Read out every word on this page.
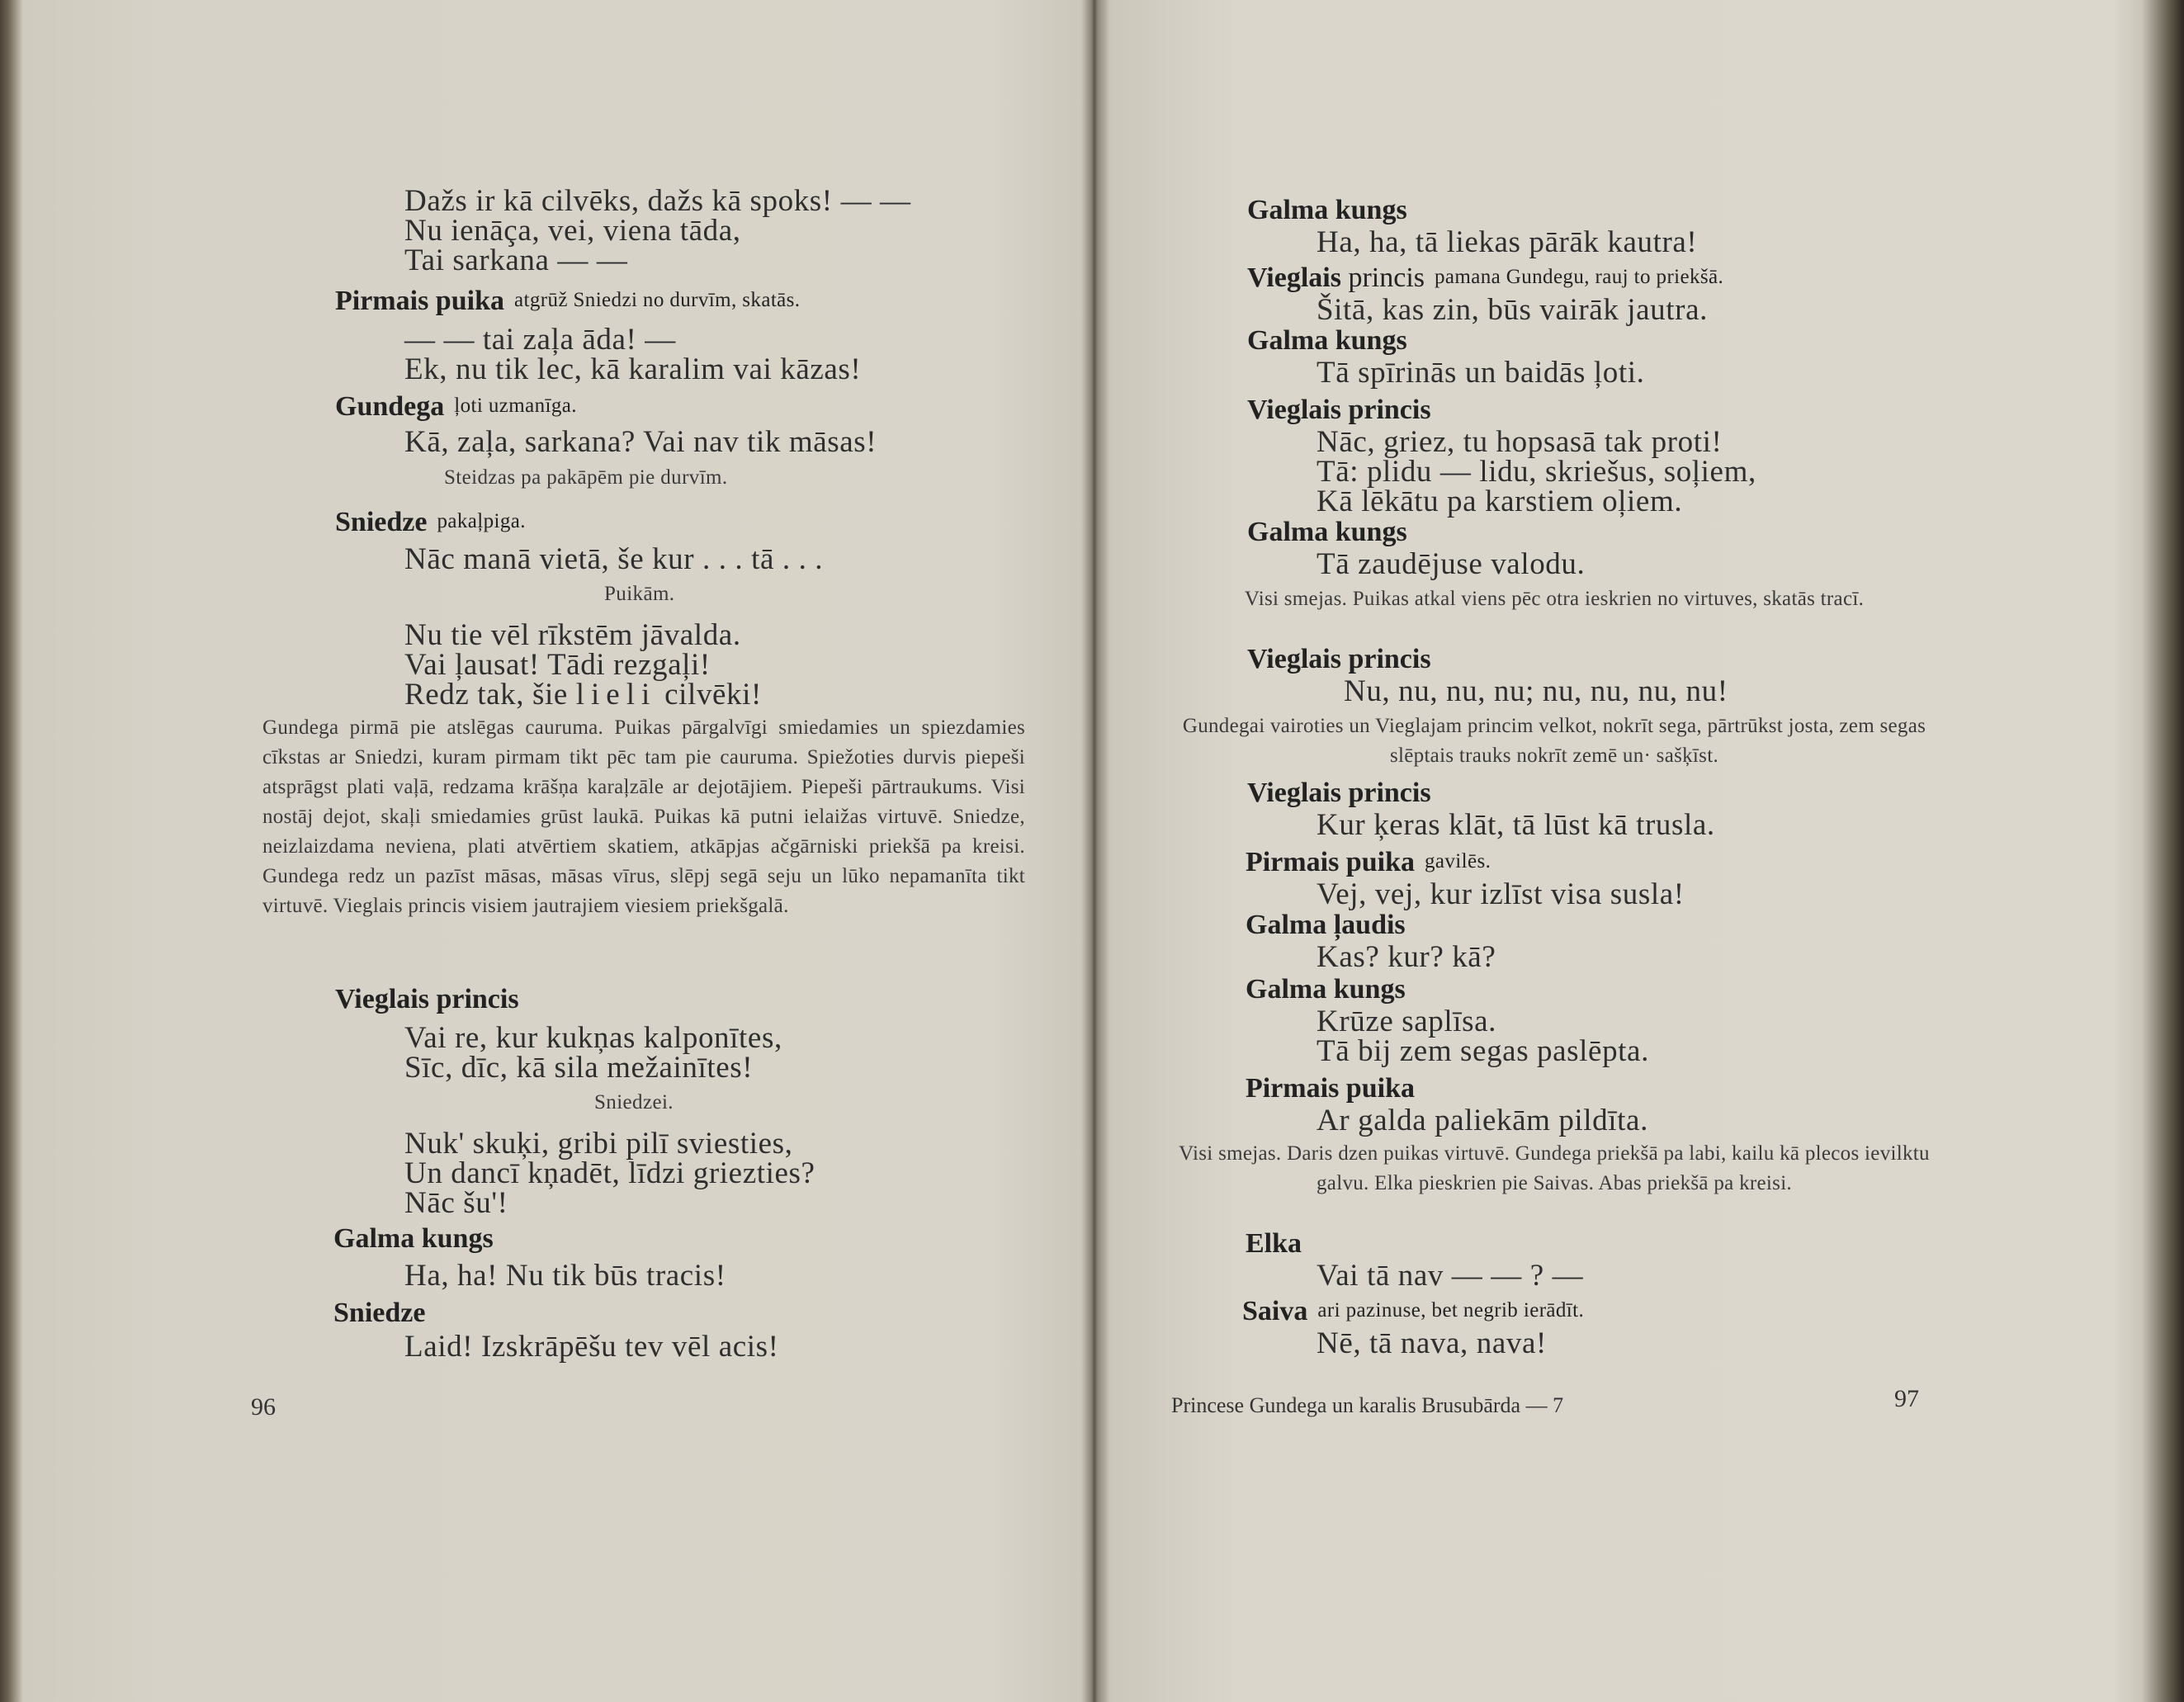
Dažs ir kā cilvēks, dažs kā spoks! — —

Nu ienāça, vei, viena tāda,

Tai sarkana — —

Pirmais puika atgrūž Sniedzi no durvīm, skatās.

— — tai zaļa āda! —

Ek, nu tik lec, kā karalim vai kāzas!

Gundega ļoti uzmanīga.

Kā, zaļa, sarkana? Vai nav tik māsas!

Steidzas pa pakāpēm pie durvīm.

Sniedze pakaļpiga.

Nāc manā vietā, še kur . . . tā . . .

Puikām.

Nu tie vēl rīkstēm jāvalda.

Vai ļausat! Tādi rezgaļi!

Redz tak, šie lieli cilvēki!

Gundega pirmā pie atslēgas cauruma. Puikas pārgalvīgi smiedamies un spiezdamies cīkstas ar Sniedzi, kuram pirmam tikt pēc tam pie cauruma. Spiežoties durvis piepeši atsprāgst plati vaļā, redzama krāšņa karaļzāle ar dejotājiem. Piepeši pārtraukums. Visi nostāj dejot, skaļi smiedamies grūst laukā. Puikas kā putni ielaižas virtuvē. Sniedze, neizlaizdama neviena, plati atvērtiem skatiem, atkāpjas ačgārniski priekšā pa kreisi. Gundega redz un pazīst māsas, māsas vīrus, slēpj segā seju un lūko nepamanīta tikt virtuvē. Vieglais princis visiem jautrajiem viesiem priekšgalā.

Vieglais princis

Vai re, kur kukņas kalponītes,

Sīc, dīc, kā sila mežainītes!

Sniedzei.

Nuk' skuķi, gribi pilī sviesties,

Un dancī kņadēt, līdzi griezties?

Nāc šu'!

Galma kungs

Ha, ha! Nu tik būs tracis!

Sniedze

Laid! Izskrāpēšu tev vēl acis!

96

Galma kungs

Ha, ha, tā liekas pārāk kautra!

Vieglais princis pamana Gundegu, rauj to priekšā.

Šitā, kas zin, būs vairāk jautra.

Galma kungs

Tā spīrinās un baidās ļoti.

Vieglais princis

Nāc, griez, tu hopsasā tak proti!

Tā: plidu — lidu, skriešus, soļiem,

Kā lēkātu pa karstiem oļiem.

Galma kungs

Tā zaudējuse valodu.

Visi smejas. Puikas atkal viens pēc otra ieskrien no virtuves, skatās tracī.

Vieglais princis

Nu, nu, nu, nu; nu, nu, nu, nu!

Gundegai vairoties un Vieglajam princim velkot, nokrīt sega, pārtrūkst josta, zem segas slēptais trauks nokrīt zemē un· sašķīst.

Vieglais princis

Kur ķeras klāt, tā lūst kā trusla.

Pirmais puika gavilēs.

Vej, vej, kur izlīst visa susla!

Galma ļaudis

Kas? kur? kā?

Galma kungs

Krūze saplīsa.

Tā bij zem segas paslēpta.

Pirmais puika

Ar galda paliekām pildīta.

Visi smejas. Daris dzen puikas virtuvē. Gundega priekšā pa labi, kailu kā plecos ievilktu galvu. Elka pieskrien pie Saivas. Abas priekšā pa kreisi.

Elka

Vai tā nav — — ? —

Saiva ari pazinuse, bet negrib ierādīt.

Nē, tā nava, nava!

Princese Gundega un karalis Brusubārda — 7	97
